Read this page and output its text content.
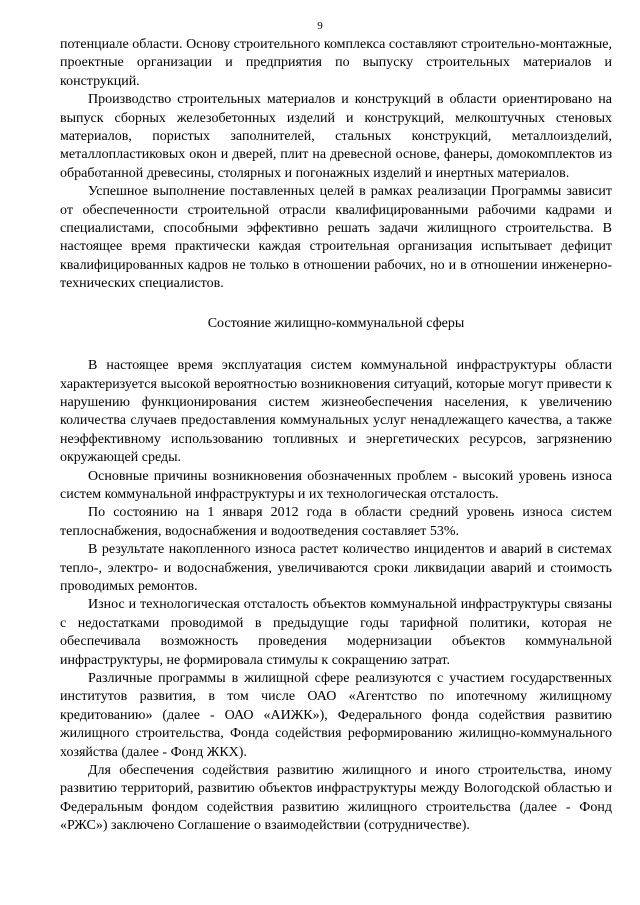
9

потенциале области. Основу строительного комплекса составляют строительно-монтажные, проектные организации и предприятия по выпуску строительных материалов и конструкций.

Производство строительных материалов и конструкций в области ориентировано на выпуск сборных железобетонных изделий и конструкций, мелкоштучных стеновых материалов, пористых заполнителей, стальных конструкций, металлоизделий, металлопластиковых окон и дверей, плит на древесной основе, фанеры, домокомплектов из обработанной древесины, столярных и погонажных изделий и инертных материалов.

Успешное выполнение поставленных целей в рамках реализации Программы зависит от обеспеченности строительной отрасли квалифицированными рабочими кадрами и специалистами, способными эффективно решать задачи жилищного строительства. В настоящее время практически каждая строительная организация испытывает дефицит квалифицированных кадров не только в отношении рабочих, но и в отношении инженерно-технических специалистов.

Состояние жилищно-коммунальной сферы

В настоящее время эксплуатация систем коммунальной инфраструктуры области характеризуется высокой вероятностью возникновения ситуаций, которые могут привести к нарушению функционирования систем жизнеобеспечения населения, к увеличению количества случаев предоставления коммунальных услуг ненадлежащего качества, а также неэффективному использованию топливных и энергетических ресурсов, загрязнению окружающей среды.

Основные причины возникновения обозначенных проблем - высокий уровень износа систем коммунальной инфраструктуры и их технологическая отсталость.

По состоянию на 1 января 2012 года в области средний уровень износа систем теплоснабжения, водоснабжения и водоотведения составляет 53%.

В результате накопленного износа растет количество инцидентов и аварий в системах тепло-, электро- и водоснабжения, увеличиваются сроки ликвидации аварий и стоимость проводимых ремонтов.

Износ и технологическая отсталость объектов коммунальной инфраструктуры связаны с недостатками проводимой в предыдущие годы тарифной политики, которая не обеспечивала возможность проведения модернизации объектов коммунальной инфраструктуры, не формировала стимулы к сокращению затрат.

Различные программы в жилищной сфере реализуются с участием государственных институтов развития, в том числе ОАО «Агентство по ипотечному жилищному кредитованию» (далее - ОАО «АИЖК»), Федерального фонда содействия развитию жилищного строительства, Фонда содействия реформированию жилищно-коммунального хозяйства (далее - Фонд ЖКХ).

Для обеспечения содействия развитию жилищного и иного строительства, иному развитию территорий, развитию объектов инфраструктуры между Вологодской областью и Федеральным фондом содействия развитию жилищного строительства (далее - Фонд «РЖС») заключено Соглашение о взаимодействии (сотрудничестве).
